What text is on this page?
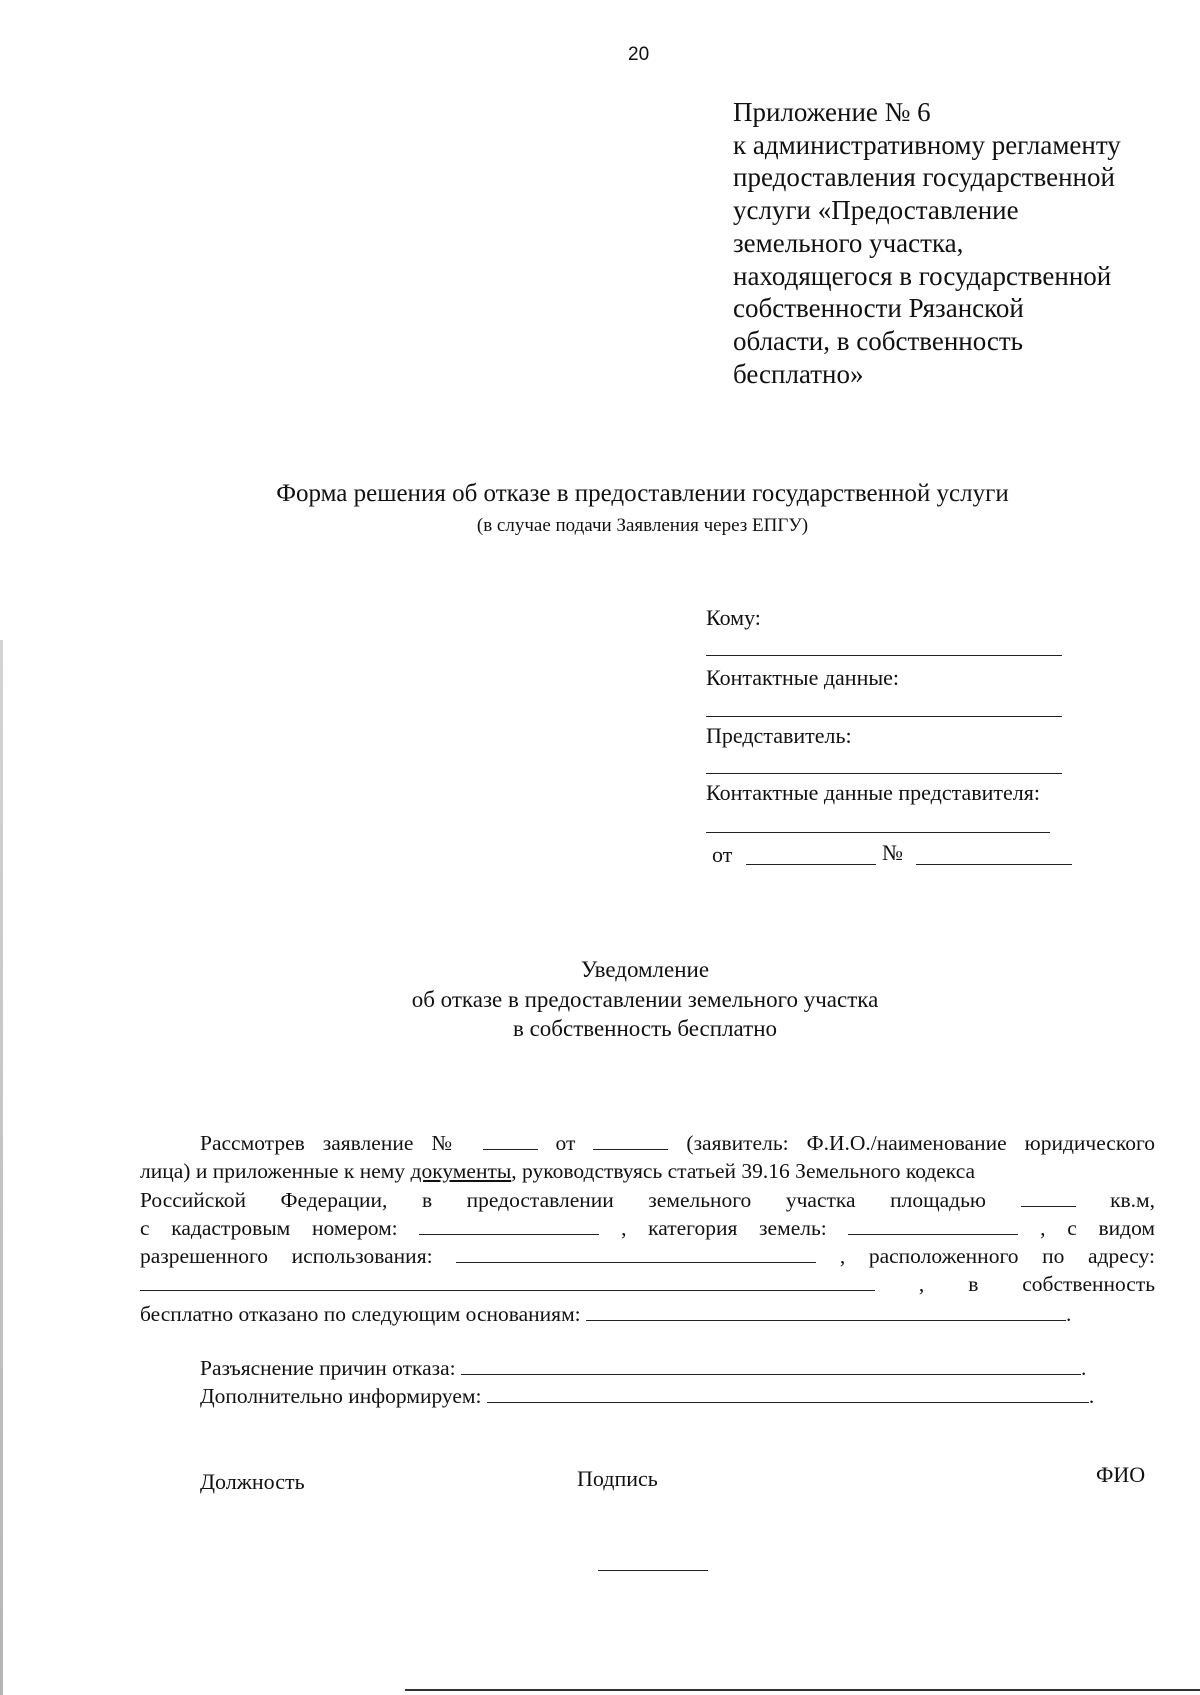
20
Приложение № 6
к административному регламенту
предоставления государственной
услуги «Предоставление
земельного участка,
находящегося в государственной
собственности Рязанской
области, в собственность
бесплатно»
Форма решения об отказе в предоставлении государственной услуги
(в случае подачи Заявления через ЕПГУ)
Кому:
Контактные данные:
Представитель:
Контактные данные представителя:
от	№
Уведомление
об отказе в предоставлении земельного участка
в собственность бесплатно
Рассмотрев заявление №	от	(заявитель: Ф.И.О./наименование юридического
лица) и приложенные к нему документы, руководствуясь статьей 39.16 Земельного кодекса
Российской Федерации, в предоставлении земельного участка площадью	кв.м,
с кадастровым номером:	, категория земель:	, с видом
разрешенного использования:	, расположенного по адресу:
, в собственность
бесплатно отказано по следующим основаниям:	.
Разъяснение причин отказа:	.
Дополнительно информируем:	.
Должность	Подпись	ФИО
